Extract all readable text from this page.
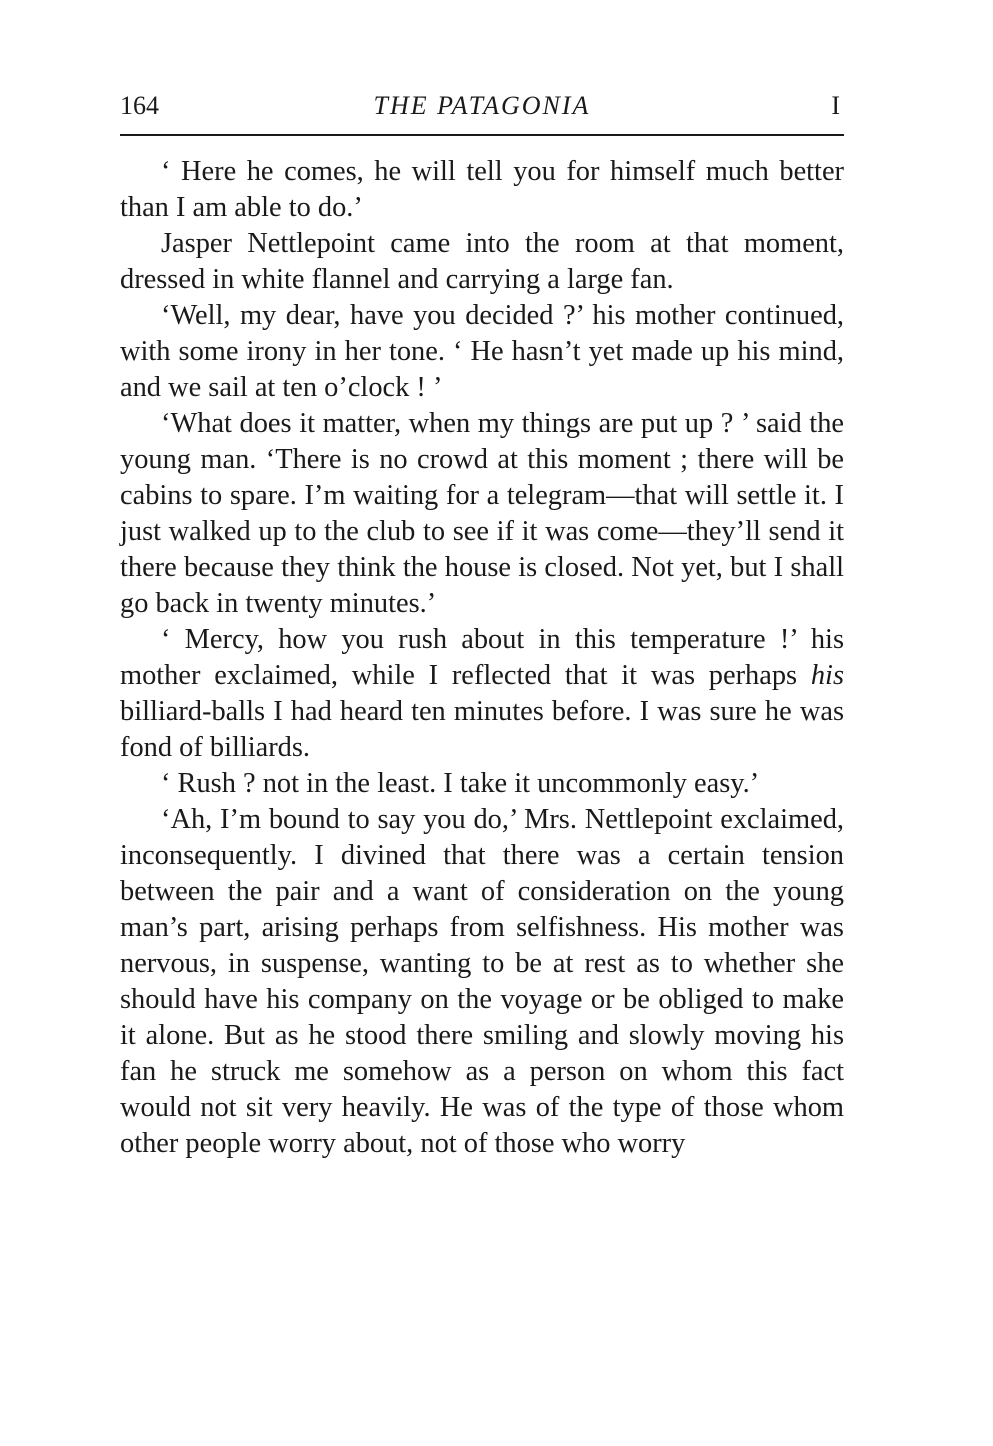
164	THE PATAGONIA	I

‘ Here he comes, he will tell you for himself much better than I am able to do.’

Jasper Nettlepoint came into the room at that moment, dressed in white flannel and carrying a large fan.

‘Well, my dear, have you decided ?’ his mother continued, with some irony in her tone. ‘ He hasn’t yet made up his mind, and we sail at ten o’clock ! ’

‘What does it matter, when my things are put up ? ’ said the young man. ‘There is no crowd at this moment ; there will be cabins to spare. I’m waiting for a telegram—that will settle it. I just walked up to the club to see if it was come—they’ll send it there because they think the house is closed. Not yet, but I shall go back in twenty minutes.’

‘ Mercy, how you rush about in this temperature !’ his mother exclaimed, while I reflected that it was perhaps his billiard-balls I had heard ten minutes before. I was sure he was fond of billiards.

‘ Rush ? not in the least. I take it uncommonly easy.’

‘Ah, I’m bound to say you do,’ Mrs. Nettlepoint exclaimed, inconsequently. I divined that there was a certain tension between the pair and a want of consideration on the young man’s part, arising perhaps from selfishness. His mother was nervous, in suspense, wanting to be at rest as to whether she should have his company on the voyage or be obliged to make it alone. But as he stood there smiling and slowly moving his fan he struck me somehow as a person on whom this fact would not sit very heavily. He was of the type of those whom other people worry about, not of those who worry
